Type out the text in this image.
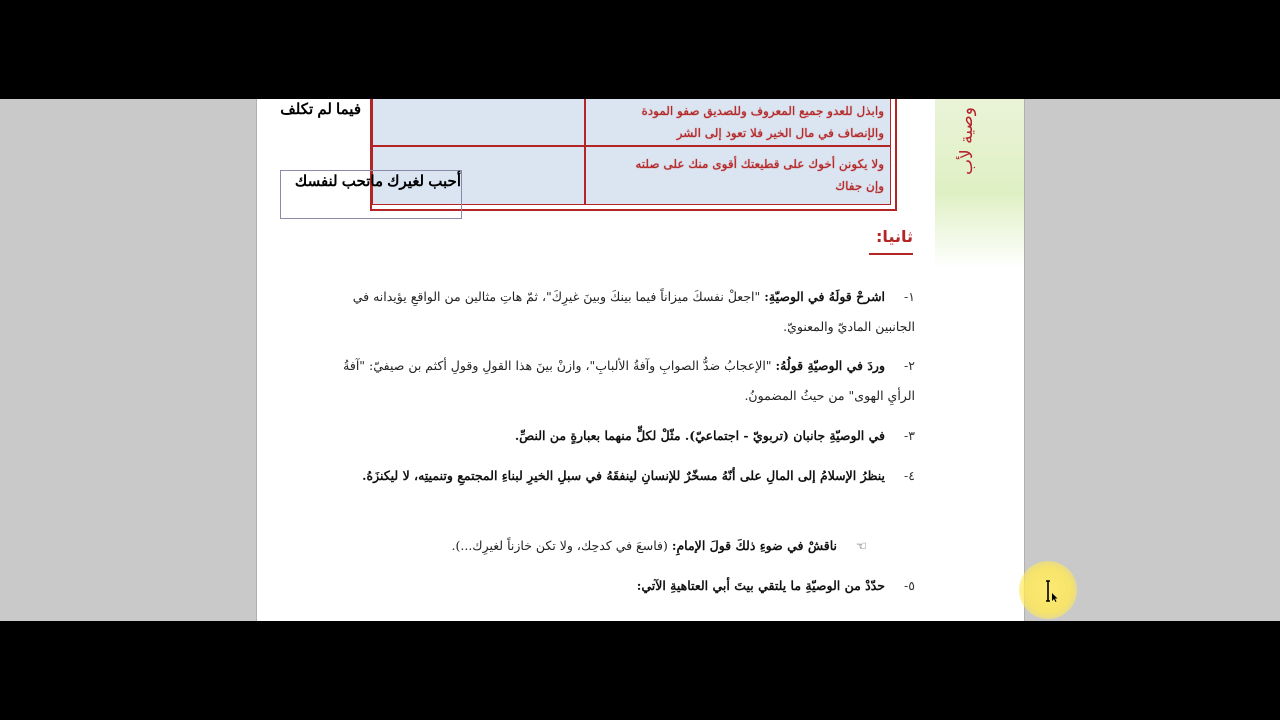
وصية لأب
وابذل للعدو جميع المعروف وللصديق صفو المودة
والإنصاف في مال الخير فلا تعود إلى الشر
ولا يكونن أخوك على قطيعتك أقوى منك على صلته
وإن جفاك
فيما لم تكلف
أحبب لغيرك ماتحب لنفسك
ثانيا:
١- اشرحْ قولَهُ في الوصيّةِ: "اجعلْ نفسكَ ميزاناً فيما بينكَ وبينَ غيرِكَ"، ثمّ هاتِ مثالين من الواقعِ يؤيدانه في الجانبين الماديّ والمعنويّ.
٢- وردَ في الوصيّةِ قولُهُ: "الإعجابُ ضدُّ الصوابِ وآفةُ الألبابِ"، وازنْ بينَ هذا القولِ وقولِ أكثم بن صيفيّ: "آفةُ الرأيِ الهوى" من حيثُ المضمونُ.
٣- في الوصيّةِ جانبان (تربويّ - اجتماعيّ). مثّلْ لكلٍّ منهما بعبارةٍ من النصِّ.
٤- ينظرُ الإسلامُ إلى المالِ على أنّهُ مسخّرٌ للإنسانِ لينفقَهُ في سبلِ الخيرِ لبناءِ المجتمعِ وتنميتِه، لا ليكنزَهُ.
☜ ناقشْ في ضوءِ ذلكَ قولَ الإمامِ: (فاسعَ في كدحِك، ولا تكن خازناً لغيرِك...).
٥- حدّدْ من الوصيّةِ ما يلتقي بيتَ أبي العتاهيةِ الآتي:
